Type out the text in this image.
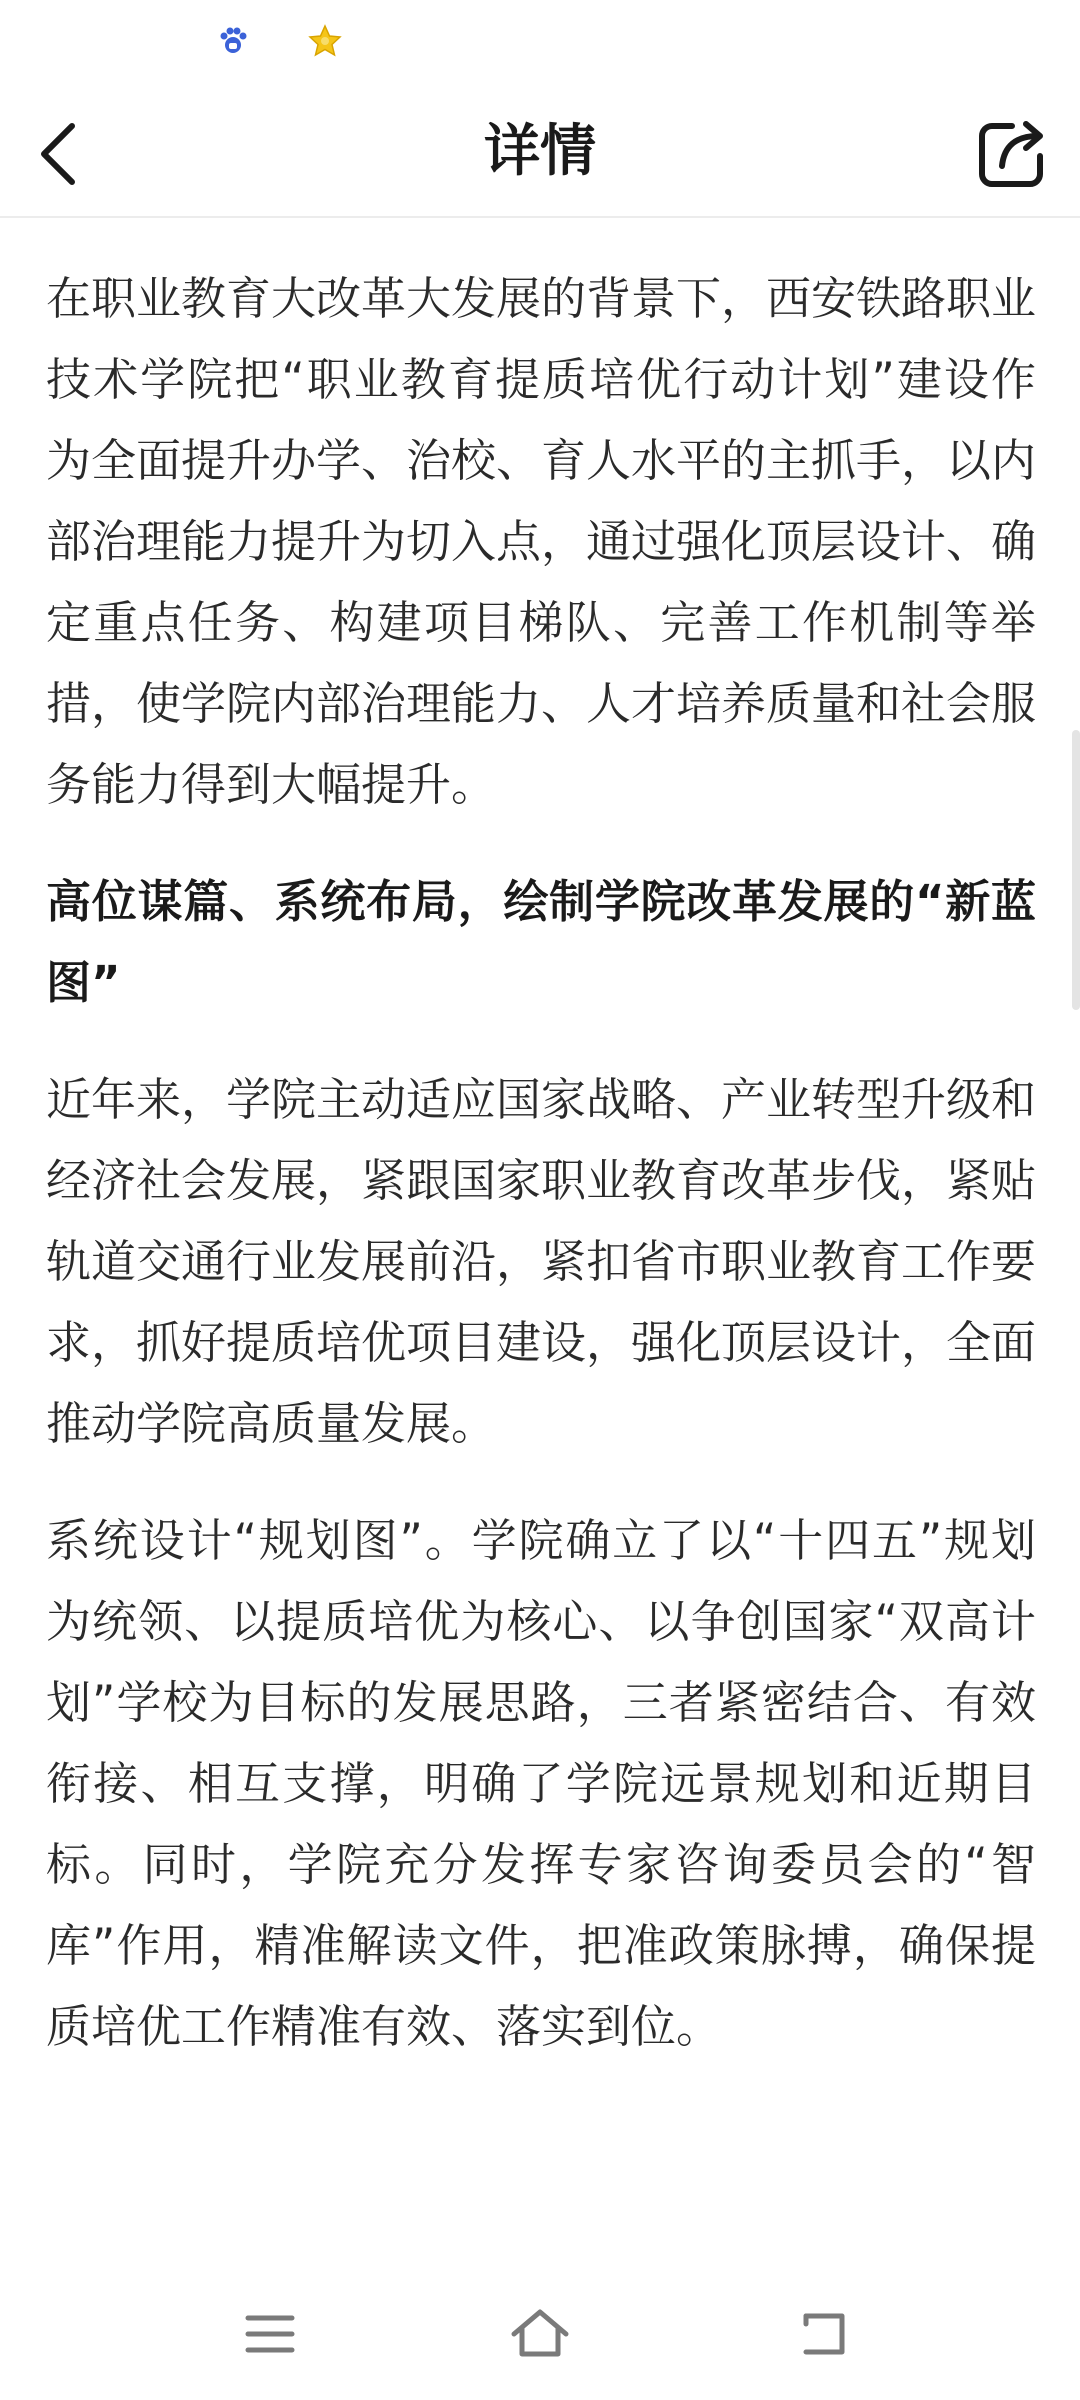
详情

在职业教育大改革大发展的背景下，西安铁路职业技术学院把“职业教育提质培优行动计划”建设作为全面提升办学、治校、育人水平的主抓手，以内部治理能力提升为切入点，通过强化顶层设计、确定重点任务、构建项目梯队、完善工作机制等举措，使学院内部治理能力、人才培养质量和社会服务能力得到大幅提升。

高位谋篇、系统布局，绘制学院改革发展的“新蓝图”

近年来，学院主动适应国家战略、产业转型升级和经济社会发展，紧跟国家职业教育改革步伐，紧贴轨道交通行业发展前沿，紧扣省市职业教育工作要求，抓好提质培优项目建设，强化顶层设计，全面推动学院高质量发展。

系统设计“规划图”。学院确立了以“十四五”规划为统领、以提质培优为核心、以争创国家“双高计划”学校为目标的发展思路，三者紧密结合、有效衔接、相互支撑，明确了学院远景规划和近期目标。同时，学院充分发挥专家咨询委员会的“智库”作用，精准解读文件，把准政策脉搏，确保提质培优工作精准有效、落实到位。
